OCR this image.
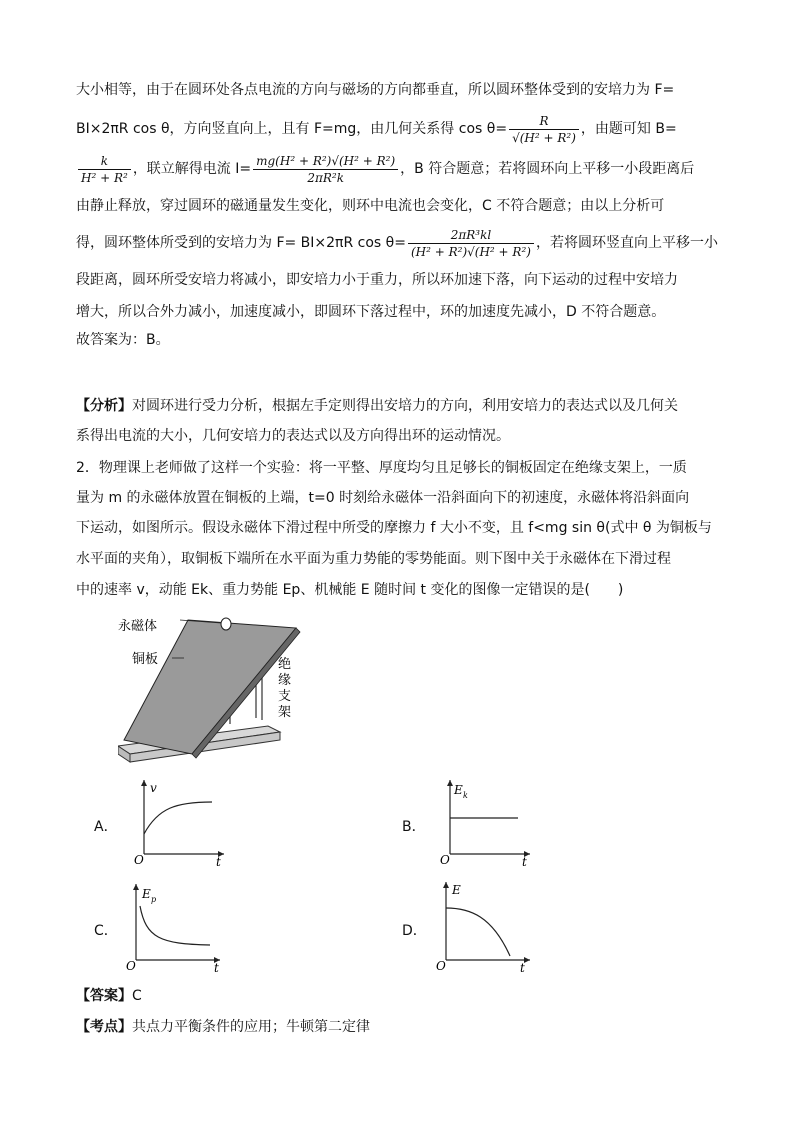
大小相等，由于在圆环处各点电流的方向与磁场的方向都垂直，所以圆环整体受到的安培力为 F=
BI×2πR cos θ，方向竖直向上，且有 F=mg，由几何关系得 $\cos \theta= \frac{R}{\text{√(H² + R²)}}$ ，由题可知 B=
$\frac{k}{\text{H² + R²}}$ ，联立解得电流 $I= \frac{\text{mg(H² + R²)√(H² + R²)}}{\text{2πR²k}}$ ，B 符合题意；若将圆环向上平移一小段距离后
由静止释放，穿过圆环的磁通量发生变化，则环中电流也会变化，C 不符合题意；由以上分析可
得，圆环整体所受到的安培力为 F= BI×2πR $\cos \theta= \frac{\text{2πR³kl}}{\text{(H² + R²)√(H² + R²)}}$ ，若将圆环竖直向上平移一小
段距离，圆环所受安培力将减小，即安培力小于重力，所以环加速下落，向下运动的过程中安培力
增大，所以合外力减小，加速度减小，即圆环下落过程中，环的加速度先减小，D 不符合题意。
故答案为：B。
【分析】对圆环进行受力分析，根据左手定则得出安培力的方向，利用安培力的表达式以及几何关
系得出电流的大小，几何安培力的表达式以及方向得出环的运动情况。
2．物理课上老师做了这样一个实验：将一平整、厚度均匀且足够长的铜板固定在绝缘支架上，一质
量为 m 的永磁体放置在铜板的上端，t=0 时刻给永磁体一沿斜面向下的初速度，永磁体将沿斜面向
下运动，如图所示。假设永磁体下滑过程中所受的摩擦力 f 大小不变，且 f<mg sin θ(式中 θ 为铜板与
水平面的夹角），取铜板下端所在水平面为重力势能的零势能面。则下图中关于永磁体在下滑过程
中的速率 v，动能 Ek、重力势能 Ep、机械能 E 随时间 t 变化的图像一定错误的是(　　)
永磁体
铜板	绝
缘
支
架
A．	B．
C．	D．
v
O	t
E k
O	t
E p
O	t
E
O	t
【答案】C
【考点】共点力平衡条件的应用；牛顿第二定律
